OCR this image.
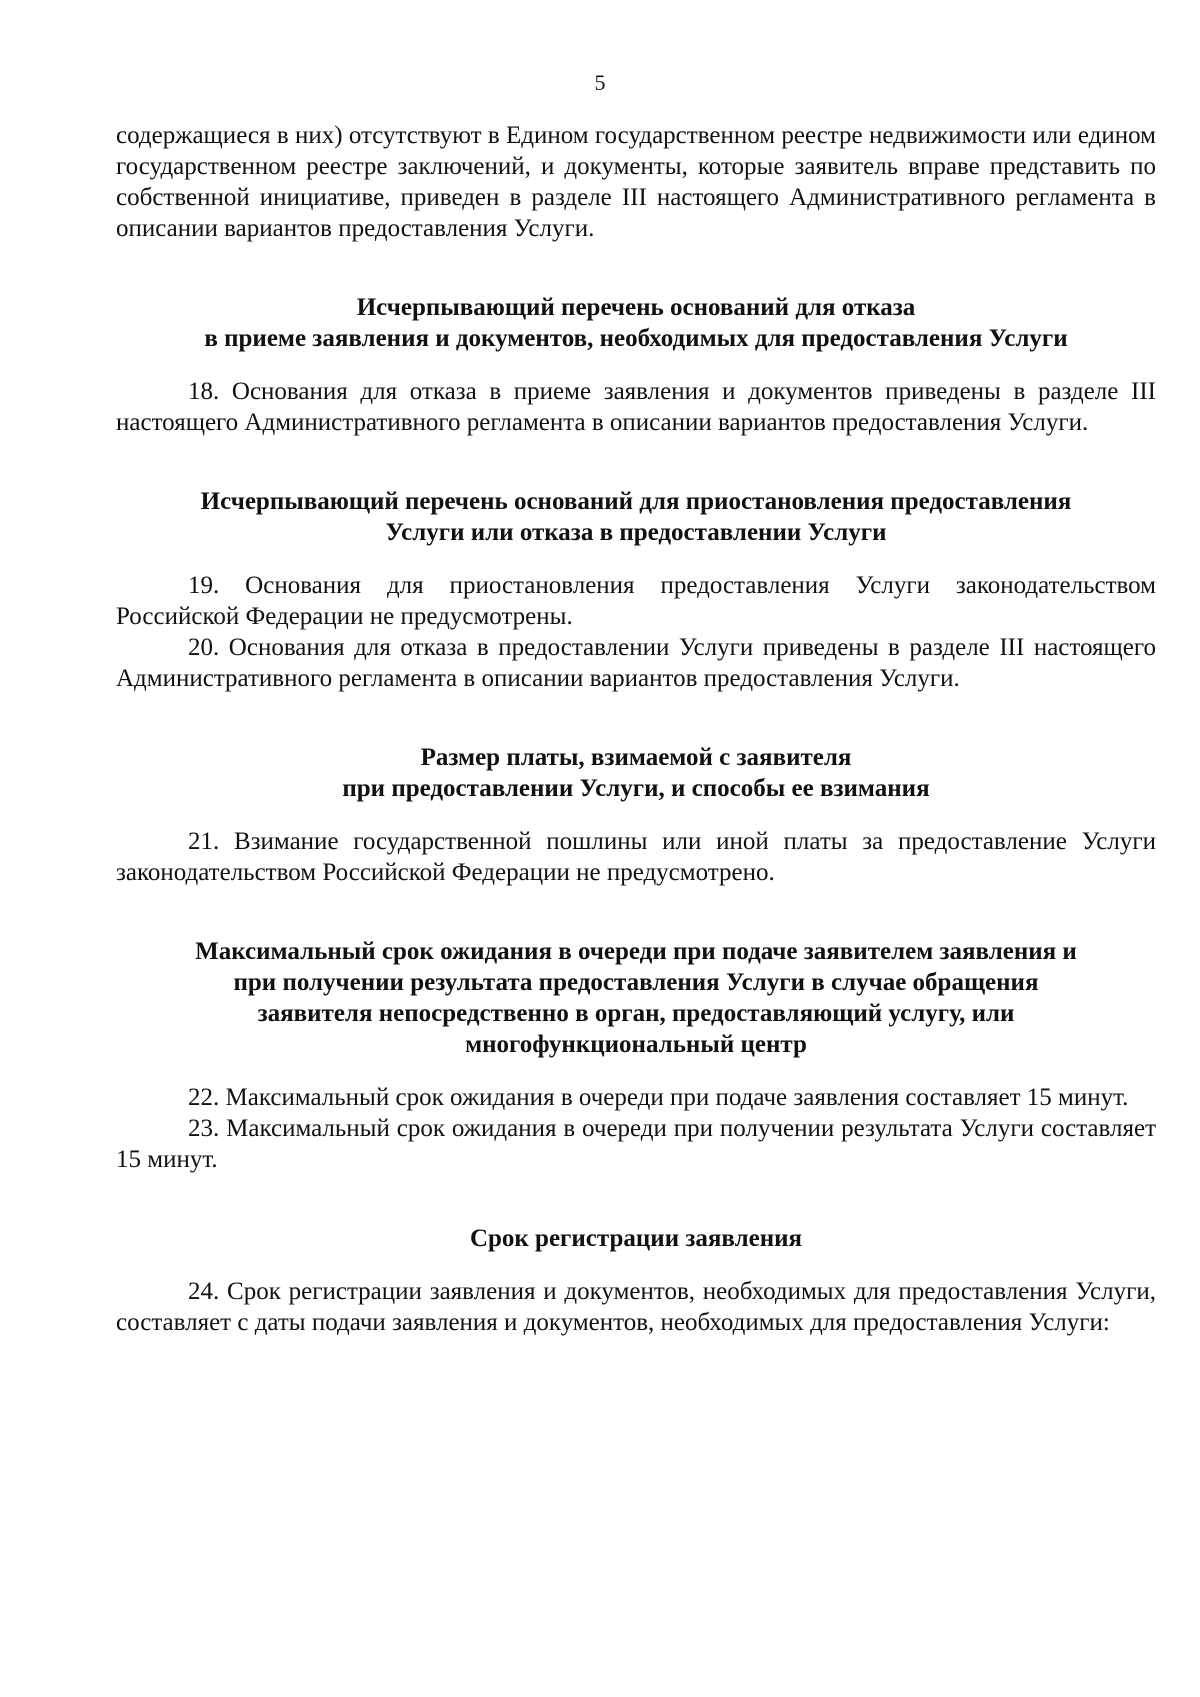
5

содержащиеся в них) отсутствуют в Едином государственном реестре недвижимости или едином государственном реестре заключений, и документы, которые заявитель вправе представить по собственной инициативе, приведен в разделе III настоящего Административного регламента в описании вариантов предоставления Услуги.

Исчерпывающий перечень оснований для отказа
в приеме заявления и документов, необходимых для предоставления Услуги

18. Основания для отказа в приеме заявления и документов приведены в разделе III настоящего Административного регламента в описании вариантов предоставления Услуги.

Исчерпывающий перечень оснований для приостановления предоставления
Услуги или отказа в предоставлении Услуги

19. Основания для приостановления предоставления Услуги законодательством Российской Федерации не предусмотрены.

20. Основания для отказа в предоставлении Услуги приведены в разделе III настоящего Административного регламента в описании вариантов предоставления Услуги.

Размер платы, взимаемой с заявителя
при предоставлении Услуги, и способы ее взимания

21. Взимание государственной пошлины или иной платы за предоставление Услуги законодательством Российской Федерации не предусмотрено.

Максимальный срок ожидания в очереди при подаче заявителем заявления и
при получении результата предоставления Услуги в случае обращения
заявителя непосредственно в орган, предоставляющий услугу, или
многофункциональный центр

22. Максимальный срок ожидания в очереди при подаче заявления составляет 15 минут.

23. Максимальный срок ожидания в очереди при получении результата Услуги составляет 15 минут.

Срок регистрации заявления

24. Срок регистрации заявления и документов, необходимых для предоставления Услуги, составляет с даты подачи заявления и документов, необходимых для предоставления Услуги:
